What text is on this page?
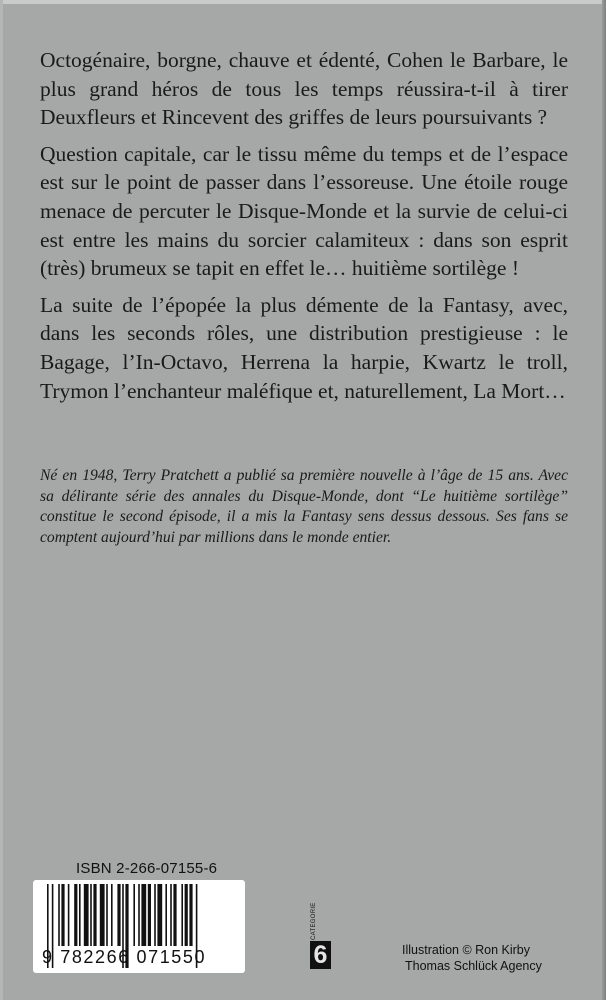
Octogénaire, borgne, chauve et édenté, Cohen le Barbare, le plus grand héros de tous les temps réussira-t-il à tirer Deuxfleurs et Rincevent des griffes de leurs poursuivants ?

Question capitale, car le tissu même du temps et de l’espace est sur le point de passer dans l’essoreuse. Une étoile rouge menace de percuter le Disque-Monde et la survie de celui-ci est entre les mains du sorcier calamiteux : dans son esprit (très) brumeux se tapit en effet le… huitième sortilège !

La suite de l’épopée la plus démente de la Fantasy, avec, dans les seconds rôles, une distribution prestigieuse : le Bagage, l’In-Octavo, Herrena la harpie, Kwartz le troll, Trymon l’enchanteur maléfique et, naturellement, La Mort…

Né en 1948, Terry Pratchett a publié sa première nouvelle à l’âge de 15 ans. Avec sa délirante série des annales du Disque-Monde, dont “Le huitième sortilège” constitue le second épisode, il a mis la Fantasy sens dessus dessous. Ses fans se comptent aujourd’hui par millions dans le monde entier.

ISBN 2-266-07155-6
9 782266 071550
CATÉGORIE
6	Illustration © Ron Kirby
Thomas Schlück Agency
